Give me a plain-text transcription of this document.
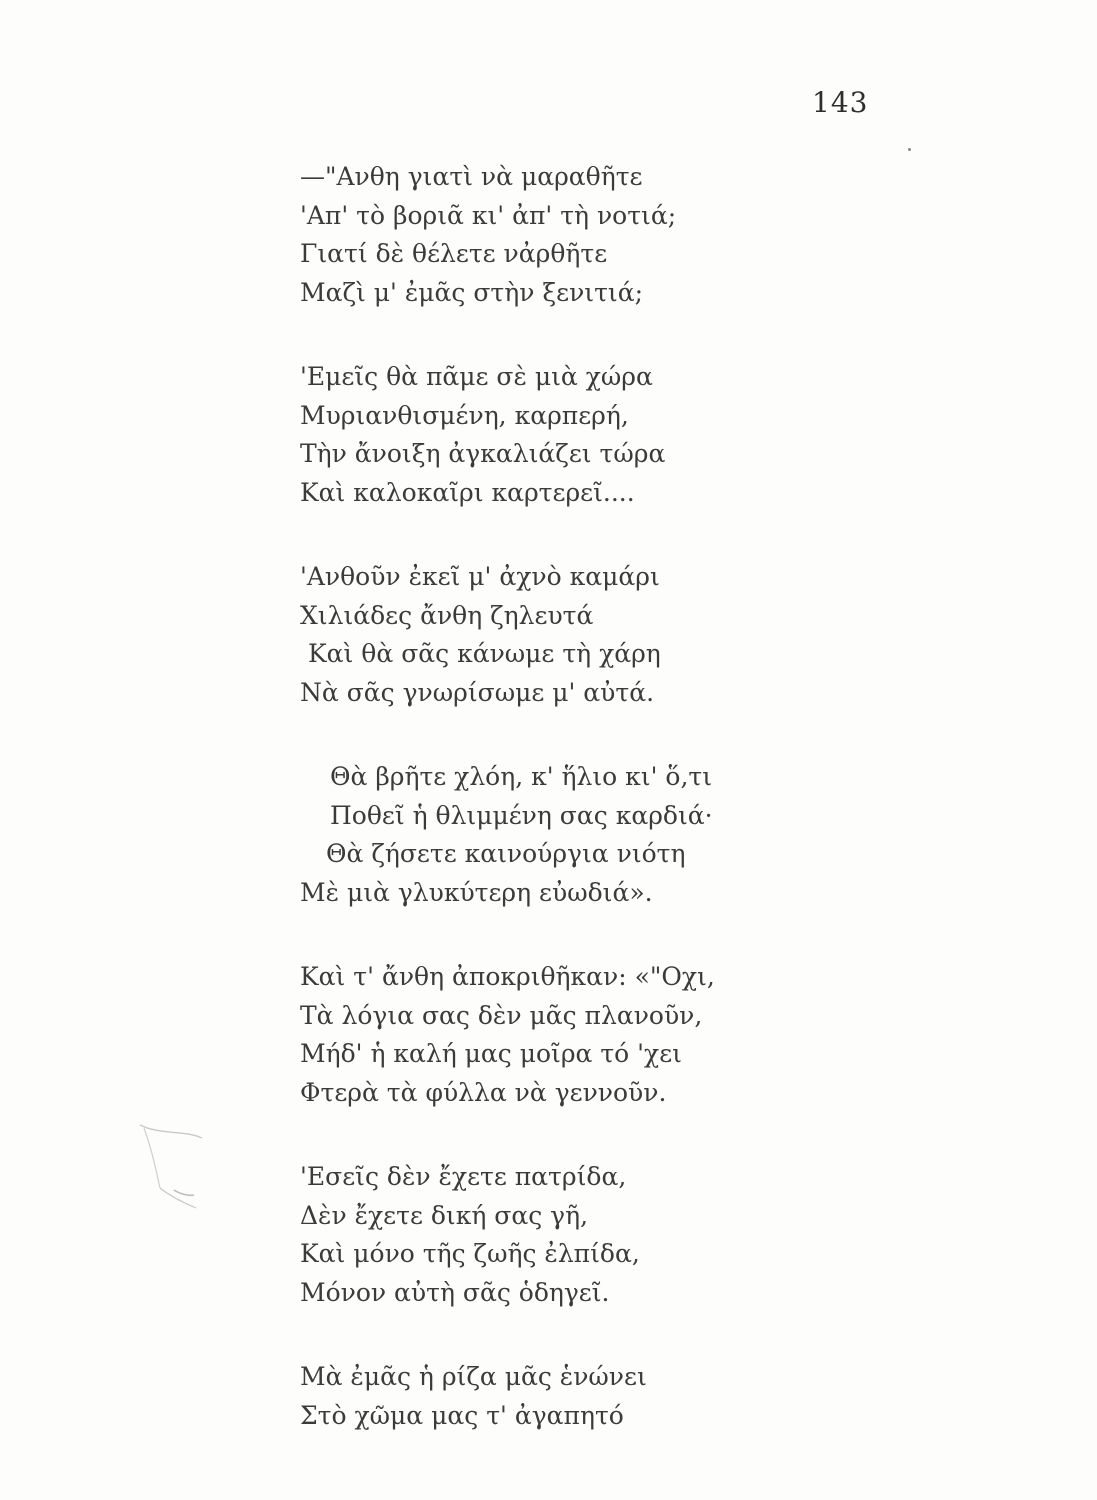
143
—"Ανθη γιατὶ νὰ μαραθῆτε
'Απ' τὸ βοριᾶ κι' ἀπ' τὴ νοτιά;
Γιατί δὲ θέλετε νἀρθῆτε
Μαζὶ μ' ἐμᾶς στὴν ξενιτιά;
'Εμεῖς θὰ πᾶμε σὲ μιὰ χώρα
Μυριανθισμένη, καρπερή,
Τὴν ἄνοιξη ἀγκαλιάζει τώρα
Καὶ καλοκαῖρι καρτερεῖ....
'Ανθοῦν ἐκεῖ μ' ἀχνὸ καμάρι
Χιλιάδες ἄνθη ζηλευτά
Καὶ θὰ σᾶς κάνωμε τὴ χάρη
Νὰ σᾶς γνωρίσωμε μ' αὐτά.
Θὰ βρῆτε χλόη, κ' ἥλιο κι' ὅ,τι
Ποθεῖ ἡ θλιμμένη σας καρδιά·
Θὰ ζήσετε καινούργια νιότη
Μὲ μιὰ γλυκύτερη εὐωδιά».
Καὶ τ' ἄνθη ἀποκριθῆκαν: «"Οχι,
Τὰ λόγια σας δὲν μᾶς πλανοῦν,
Μήδ' ἡ καλή μας μοῖρα τό 'χει
Φτερὰ τὰ φύλλα νὰ γεννοῦν.
'Εσεῖς δὲν ἔχετε πατρίδα,
Δὲν ἔχετε δική σας γῆ,
Καὶ μόνο τῆς ζωῆς ἐλπίδα,
Μόνον αὐτὴ σᾶς ὁδηγεῖ.
Μὰ ἐμᾶς ἡ ρίζα μᾶς ἑνώνει
Στὸ χῶμα μας τ' ἀγαπητό
